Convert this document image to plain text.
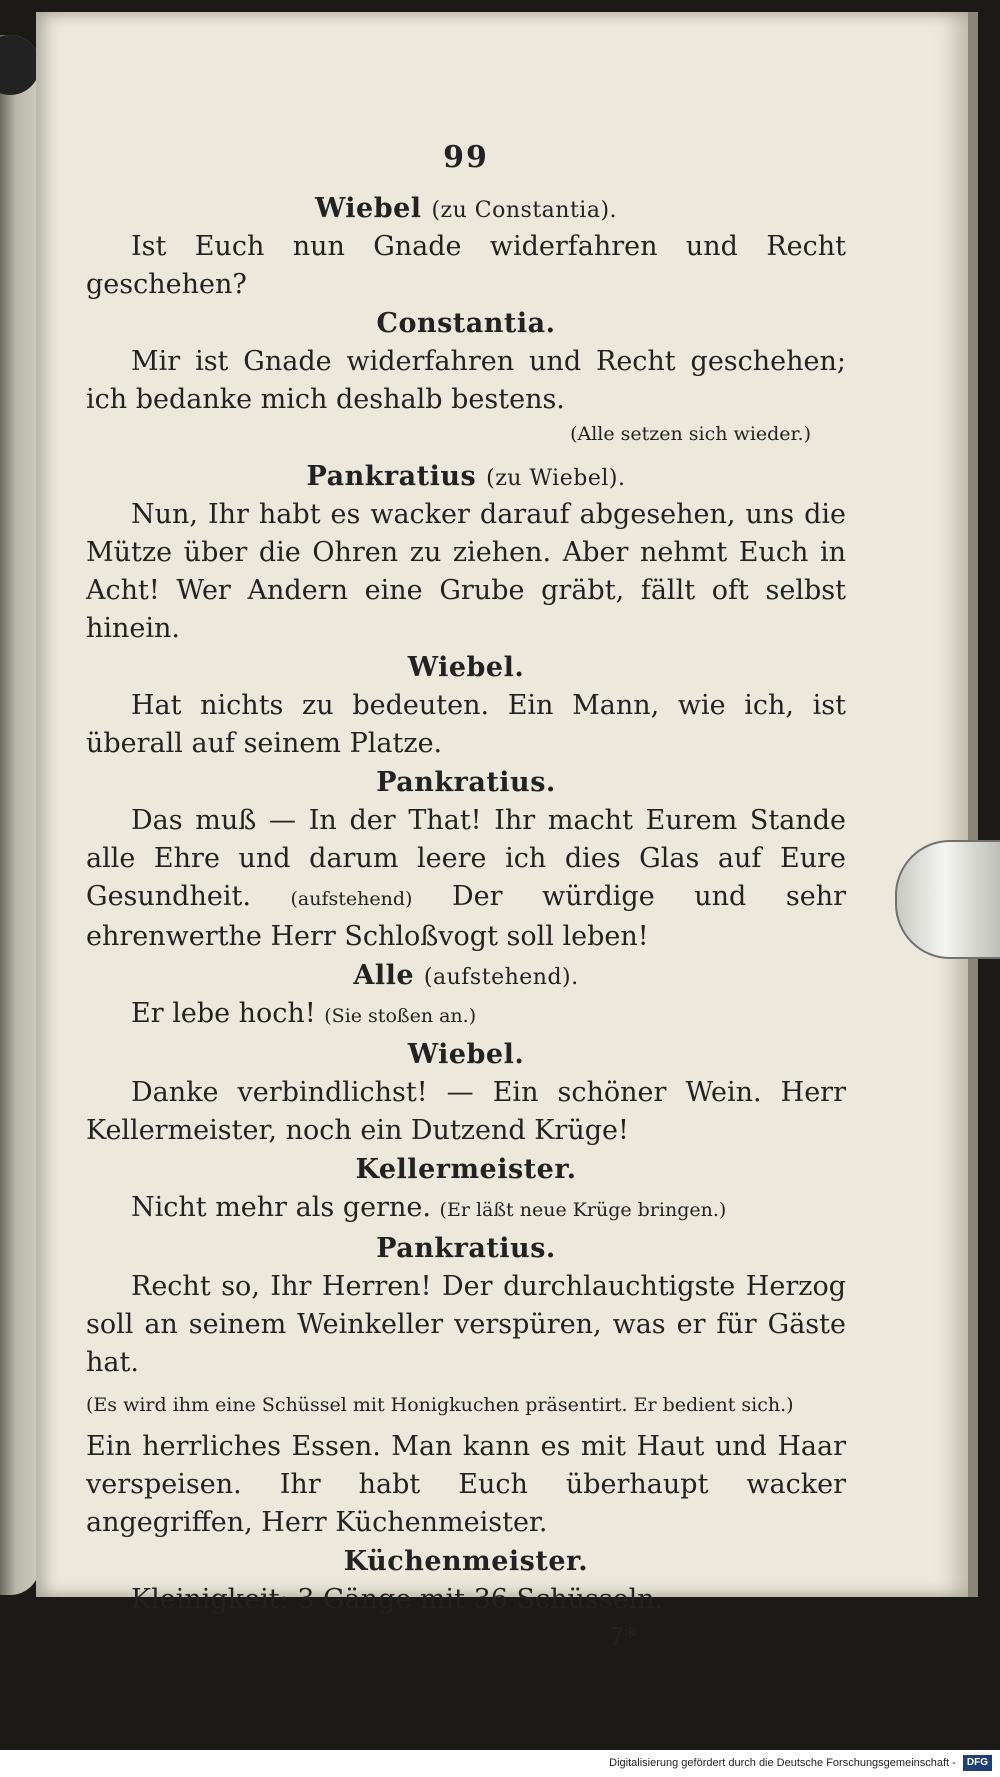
99
Wiebel (zu Constantia).
Ist Euch nun Gnade widerfahren und Recht geschehen?
Constantia.
Mir ist Gnade widerfahren und Recht geschehen; ich bedanke mich deshalb bestens.
(Alle setzen sich wieder.)
Pankratius (zu Wiebel).
Nun, Ihr habt es wacker darauf abgesehen, uns die Mütze über die Ohren zu ziehen. Aber nehmt Euch in Acht! Wer Andern eine Grube gräbt, fällt oft selbst hinein.
Wiebel.
Hat nichts zu bedeuten. Ein Mann, wie ich, ist überall auf seinem Platze.
Pankratius.
Das muß — In der That! Ihr macht Eurem Stande alle Ehre und darum leere ich dies Glas auf Eure Gesundheit. (aufstehend) Der würdige und sehr ehrenwerthe Herr Schloßvogt soll leben!
Alle (aufstehend).
Er lebe hoch! (Sie stoßen an.)
Wiebel.
Danke verbindlichst! — Ein schöner Wein. Herr Kellermeister, noch ein Dutzend Krüge!
Kellermeister.
Nicht mehr als gerne. (Er läßt neue Krüge bringen.)
Pankratius.
Recht so, Ihr Herren! Der durchlauchtigste Herzog soll an seinem Weinkeller verspüren, was er für Gäste hat.
(Es wird ihm eine Schüssel mit Honigkuchen präsentirt. Er bedient sich.)
Ein herrliches Essen. Man kann es mit Haut und Haar verspeisen. Ihr habt Euch überhaupt wacker angegriffen, Herr Küchenmeister.
Küchenmeister.
Kleinigkeit: 3 Gänge mit 36 Schüsseln.
7*
Digitalisierung gefördert durch die Deutsche Forschungsgemeinschaft - DFG
